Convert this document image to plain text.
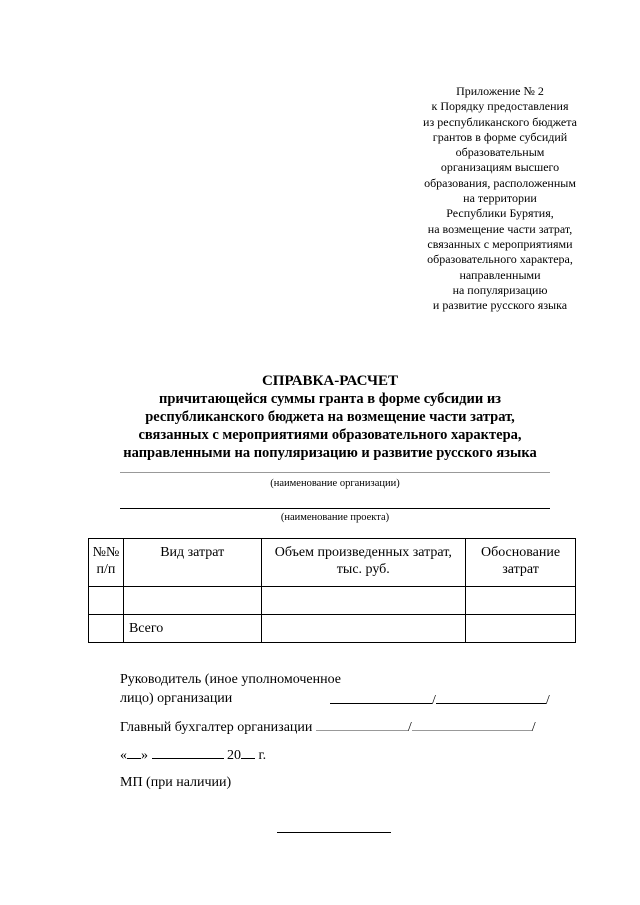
Приложение № 2
к Порядку предоставления
из республиканского бюджета
грантов в форме субсидий
образовательным
организациям высшего
образования, расположенным
на территории
Республики Бурятия,
на возмещение части затрат,
связанных с мероприятиями
образовательного характера,
направленными
на популяризацию
и развитие русского языка
СПРАВКА-РАСЧЕТ
причитающейся суммы гранта в форме субсидии из
республиканского бюджета на возмещение части затрат,
связанных с мероприятиями образовательного характера,
направленными на популяризацию и развитие русского языка
(наименование организации)
(наименование проекта)
№№ п/п	Вид затрат	Объем произведенных затрат, тыс. руб.	Обоснование затрат

	Всего		
Руководитель (иное уполномоченное
лицо) организации	/	/
Главный бухгалтер организации	/	/
« »	20 г.
МП (при наличии)
